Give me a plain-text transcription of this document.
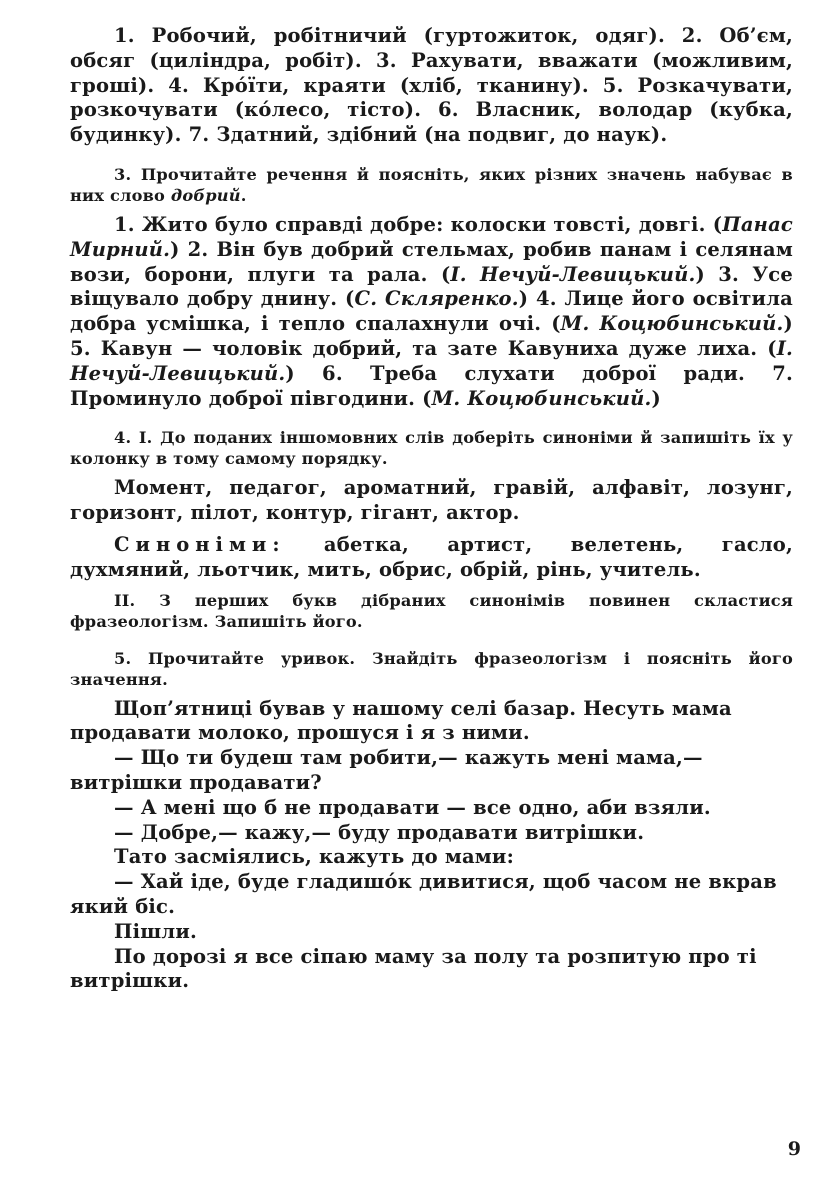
1. Робочий, робітничий (гуртожиток, одяг). 2. Об’єм, обсяг (циліндра, робіт). 3. Рахувати, вважати (можливим, гроші). 4. Кро́їти, краяти (хліб, тканину). 5. Розкачувати, розкочувати (ко́лесо, тісто). 6. Власник, володар (кубка, будинку). 7. Здатний, здібний (на подвиг, до наук).

3. Прочитайте речення й поясніть, яких різних значень набуває в них слово добрий.

1. Жито було справді добре: колоски товсті, довгі. (Панас Мирний.) 2. Він був добрий стельмах, робив панам і селянам вози, борони, плуги та рала. (І. Нечуй-Левицький.) 3. Усе віщувало добру днину. (С. Скляренко.) 4. Лице його освітила добра усмішка, і тепло спалахнули очі. (М. Коцюбинський.) 5. Кавун — чоловік добрий, та зате Кавуниха дуже лиха. (І. Нечуй-Левицький.) 6. Треба слухати доброї ради. 7. Проминуло доброї півгодини. (М. Коцюбинський.)

4. І. До поданих іншомовних слів доберіть синоніми й запишіть їх у колонку в тому самому порядку.

Момент, педагог, ароматний, гравій, алфавіт, лозунг, горизонт, пілот, контур, гігант, актор.

Синоніми: абетка, артист, велетень, гасло, духмяний, льотчик, мить, обрис, обрій, рінь, учитель.

ІІ. З перших букв дібраних синонімів повинен скластися фразеологізм. Запишіть його.

5. Прочитайте уривок. Знайдіть фразеологізм і поясніть його значення.

Щоп’ятниці бував у нашому селі базар. Несуть мама продавати молоко, прошуся і я з ними.

— Що ти будеш там робити,— кажуть мені мама,— витрішки продавати?

— А мені що б не продавати — все одно, аби взяли.

— Добре,— кажу,— буду продавати витрішки.

Тато засміялись, кажуть до мами:

— Хай іде, буде гладишо́к дивитися, щоб часом не вкрав який біс.

Пішли.

По дорозі я все сіпаю маму за полу та розпитую про ті витрішки.

9
